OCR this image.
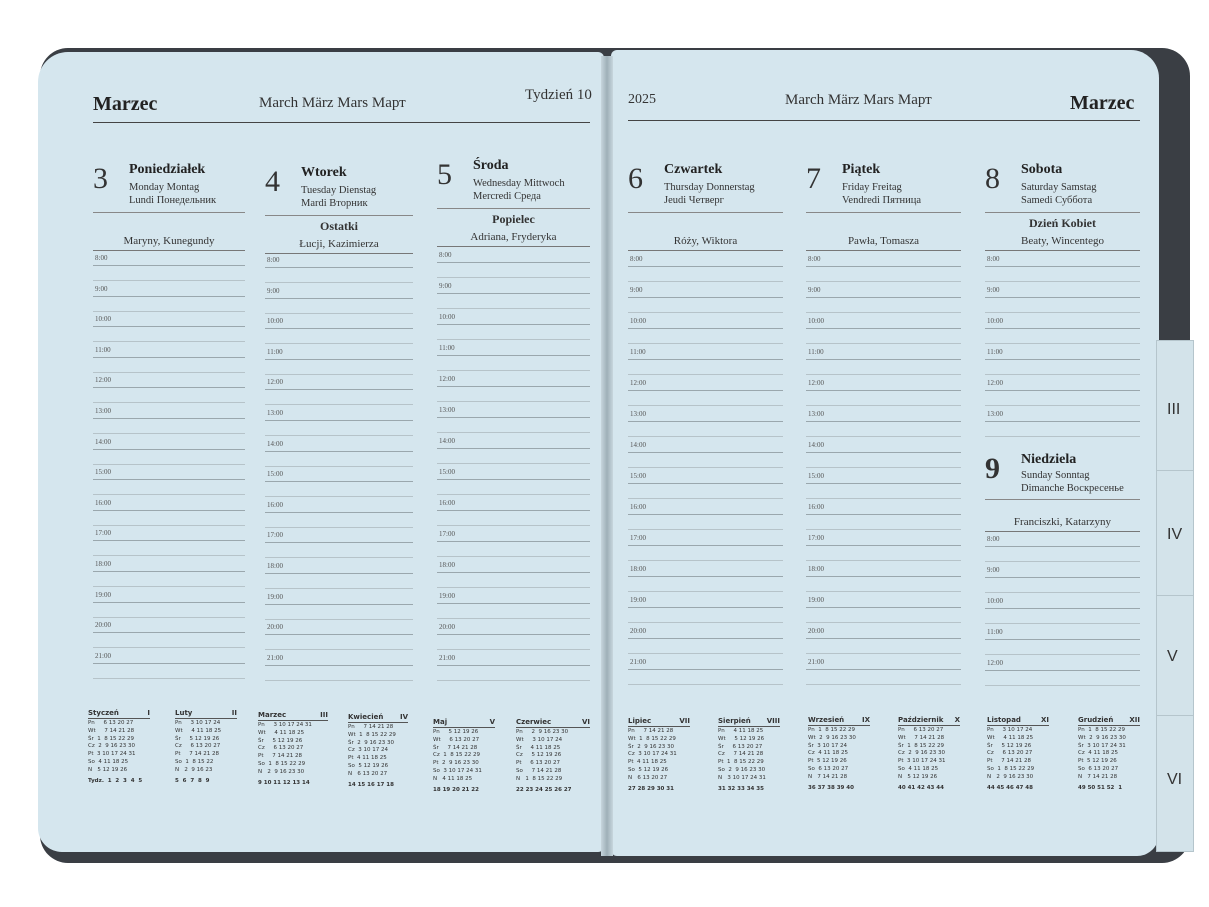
Marzec	March März Mars Март	Tydzień 10	2025	March März Mars Март	Marzec
3 Poniedziałek
Monday Montag
Lundi Понедельник
Maryny, Kunegundy
8:00
9:00
10:00
11:00
12:00
13:00
14:00
15:00
16:00
17:00
18:00
19:00
20:00
21:00
4 Wtorek
Tuesday Dienstag
Mardi Вторник
Ostatki
Łucji, Kazimierza
8:00
9:00
10:00
11:00
12:00
13:00
14:00
15:00
16:00
17:00
18:00
19:00
20:00
21:00
5 Środa
Wednesday Mittwoch
Mercredi Среда
Popielec
Adriana, Fryderyka
8:00
9:00
10:00
11:00
12:00
13:00
14:00
15:00
16:00
17:00
18:00
19:00
20:00
21:00
6 Czwartek
Thursday Donnerstag
Jeudi Четверг
Róży, Wiktora
8:00
9:00
10:00
11:00
12:00
13:00
14:00
15:00
16:00
17:00
18:00
19:00
20:00
21:00
7 Piątek
Friday Freitag
Vendredi Пятница
Pawła, Tomasza
8:00
9:00
10:00
11:00
12:00
13:00
14:00
15:00
16:00
17:00
18:00
19:00
20:00
21:00
8 Sobota
Saturday Samstag
Samedi Суббота
Dzień Kobiet
Beaty, Wincentego
8:00
9:00
10:00
11:00
12:00
13:00
9 Niedziela
Sunday Sonntag
Dimanche Воскресенье
Franciszki, Katarzyny
8:00
9:00
10:00
11:00
12:00
Styczeń	I
Pn     6 13 20 27
Wt     7 14 21 28
Śr  1  8 15 22 29
Cz  2  9 16 23 30
Pt  3 10 17 24 31
So  4 11 18 25
N   5 12 19 26
Tydz.  1  2  3  4  5
Luty	II
Pn     3 10 17 24
Wt     4 11 18 25
Śr     5 12 19 26
Cz     6 13 20 27
Pt     7 14 21 28
So  1  8 15 22
N   2  9 16 23
5  6  7  8  9
Marzec	III
Pn     3 10 17 24 31
Wt     4 11 18 25
Śr     5 12 19 26
Cz     6 13 20 27
Pt     7 14 21 28
So  1  8 15 22 29
N   2  9 16 23 30
9 10 11 12 13 14
Kwiecień IV
Pn     7 14 21 28
Wt  1  8 15 22 29
Śr  2  9 16 23 30
Cz  3 10 17 24
Pt  4 11 18 25
So  5 12 19 26
N   6 13 20 27
14 15 16 17 18
Maj	V
Pn     5 12 19 26
Wt     6 13 20 27
Śr     7 14 21 28
Cz  1  8 15 22 29
Pt  2  9 16 23 30
So  3 10 17 24 31
N   4 11 18 25
18 19 20 21 22
Czerwiec	VI
Pn     2  9 16 23 30
Wt     3 10 17 24
Śr     4 11 18 25
Cz     5 12 19 26
Pt     6 13 20 27
So     7 14 21 28
N   1  8 15 22 29
22 23 24 25 26 27
Lipiec	VII
Pn     7 14 21 28
Wt  1  8 15 22 29
Śr  2  9 16 23 30
Cz  3 10 17 24 31
Pt  4 11 18 25
So  5 12 19 26
N   6 13 20 27
27 28 29 30 31
Sierpień VIII
Pn     4 11 18 25
Wt     5 12 19 26
Śr     6 13 20 27
Cz     7 14 21 28
Pt  1  8 15 22 29
So  2  9 16 23 30
N   3 10 17 24 31
31 32 33 34 35
Wrzesień	IX
Pn  1  8 15 22 29
Wt  2  9 16 23 30
Śr  3 10 17 24
Cz  4 11 18 25
Pt  5 12 19 26
So  6 13 20 27
N   7 14 21 28
36 37 38 39 40
Październik X
Pn     6 13 20 27
Wt     7 14 21 28
Śr  1  8 15 22 29
Cz  2  9 16 23 30
Pt  3 10 17 24 31
So  4 11 18 25
N   5 12 19 26
40 41 42 43 44
Listopad	XI
Pn     3 10 17 24
Wt     4 11 18 25
Śr     5 12 19 26
Cz     6 13 20 27
Pt     7 14 21 28
So  1  8 15 22 29
N   2  9 16 23 30
44 45 46 47 48
Grudzień XII
Pn  1  8 15 22 29
Wt  2  9 16 23 30
Śr  3 10 17 24 31
Cz  4 11 18 25
Pt  5 12 19 26
So  6 13 20 27
N   7 14 21 28
49 50 51 52  1
III
IV
V
VI
